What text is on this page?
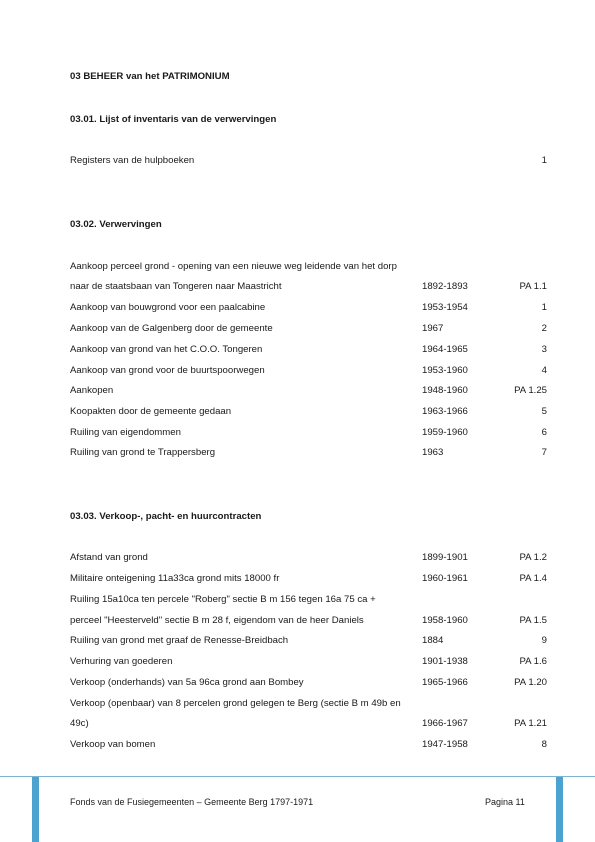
03 BEHEER van het PATRIMONIUM
03.01. Lijst of inventaris van de verwervingen
Registers van de hulpboeken	1
03.02. Verwervingen
Aankoop perceel grond - opening van een nieuwe weg leidende van het dorp
naar de staatsbaan van Tongeren naar Maastricht	1892-1893	PA 1.1
Aankoop van bouwgrond voor een paalcabine	1953-1954	1
Aankoop van de Galgenberg door de gemeente	1967	2
Aankoop van grond van het C.O.O. Tongeren	1964-1965	3
Aankoop van grond voor de buurtspoorwegen	1953-1960	4
Aankopen	1948-1960	PA 1.25
Koopakten door de gemeente gedaan	1963-1966	5
Ruiling van eigendommen	1959-1960	6
Ruiling van grond te Trappersberg	1963	7
03.03. Verkoop-, pacht- en huurcontracten
Afstand van grond	1899-1901	PA 1.2
Militaire onteigening 11a33ca grond mits 18000 fr	1960-1961	PA 1.4
Ruiling 15a10ca ten percele "Roberg" sectie B m 156 tegen 16a 75 ca +
perceel "Heesterveld" sectie B m 28 f, eigendom van de heer Daniels	1958-1960	PA 1.5
Ruiling van grond met graaf de Renesse-Breidbach	1884	9
Verhuring van goederen	1901-1938	PA 1.6
Verkoop (onderhands) van 5a 96ca grond aan Bombey	1965-1966	PA 1.20
Verkoop (openbaar) van 8 percelen grond gelegen te Berg (sectie B m 49b en
49c)	1966-1967	PA 1.21
Verkoop van bomen	1947-1958	8
Fonds van de Fusiegemeenten – Gemeente Berg 1797-1971	Pagina 11
